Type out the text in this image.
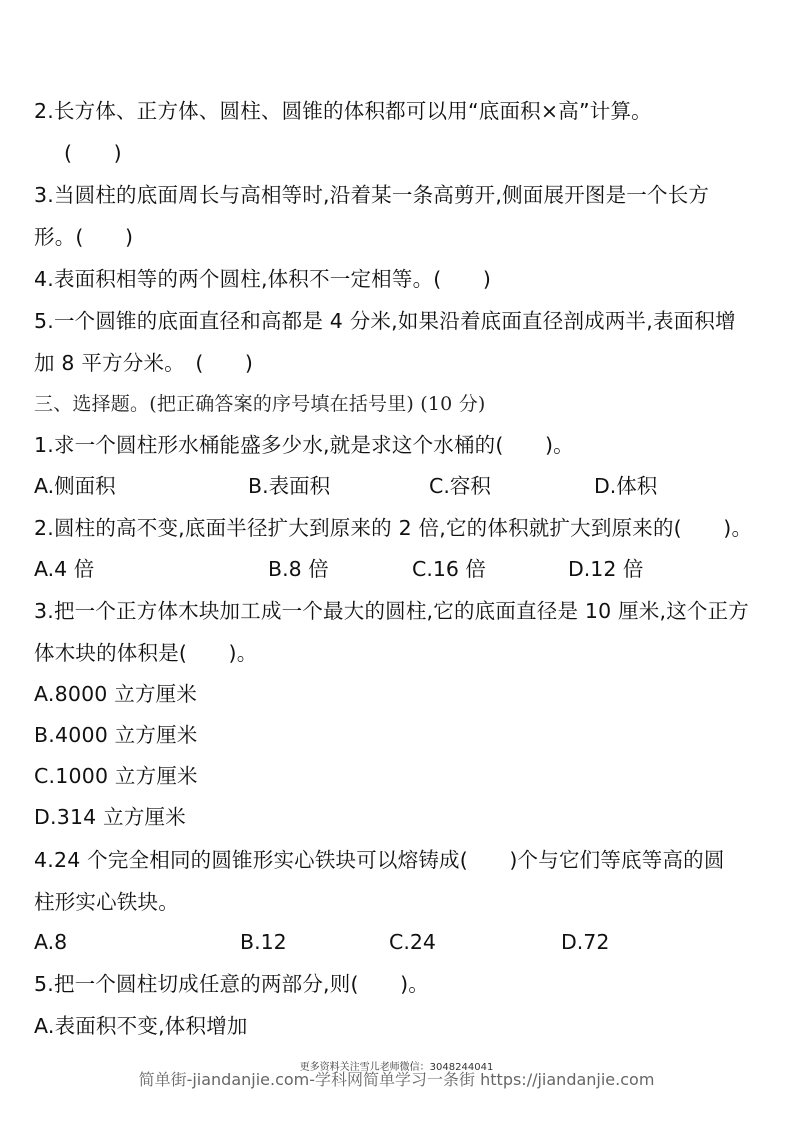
2.长方体、正方体、圆柱、圆锥的体积都可以用“底面积×高”计算。
(　　)
3.当圆柱的底面周长与高相等时,沿着某一条高剪开,侧面展开图是一个长方
形。(　　)
4.表面积相等的两个圆柱,体积不一定相等。(　　)
5.一个圆锥的底面直径和高都是 4 分米,如果沿着底面直径剖成两半,表面积增
加 8 平方分米。　(　　)
三、选择题。(把正确答案的序号填在括号里) (10 分)
1.求一个圆柱形水桶能盛多少水,就是求这个水桶的(　　)。
A.侧面积	B.表面积	C.容积	D.体积
2.圆柱的高不变,底面半径扩大到原来的 2 倍,它的体积就扩大到原来的(　　)。
A.4 倍	B.8 倍	C.16 倍	D.12 倍
3.把一个正方体木块加工成一个最大的圆柱,它的底面直径是 10 厘米,这个正方
体木块的体积是(　　)。
A.8000 立方厘米
B.4000 立方厘米
C.1000 立方厘米
D.314 立方厘米
4.24 个完全相同的圆锥形实心铁块可以熔铸成(　　)个与它们等底等高的圆
柱形实心铁块。
A.8	B.12	C.24	D.72
5.把一个圆柱切成任意的两部分,则(　　)。
A.表面积不变,体积增加
更多资料关注雪儿老师微信：3048244041
简单街-jiandanjie.com-学科网简单学习一条街 https://jiandanjie.com
